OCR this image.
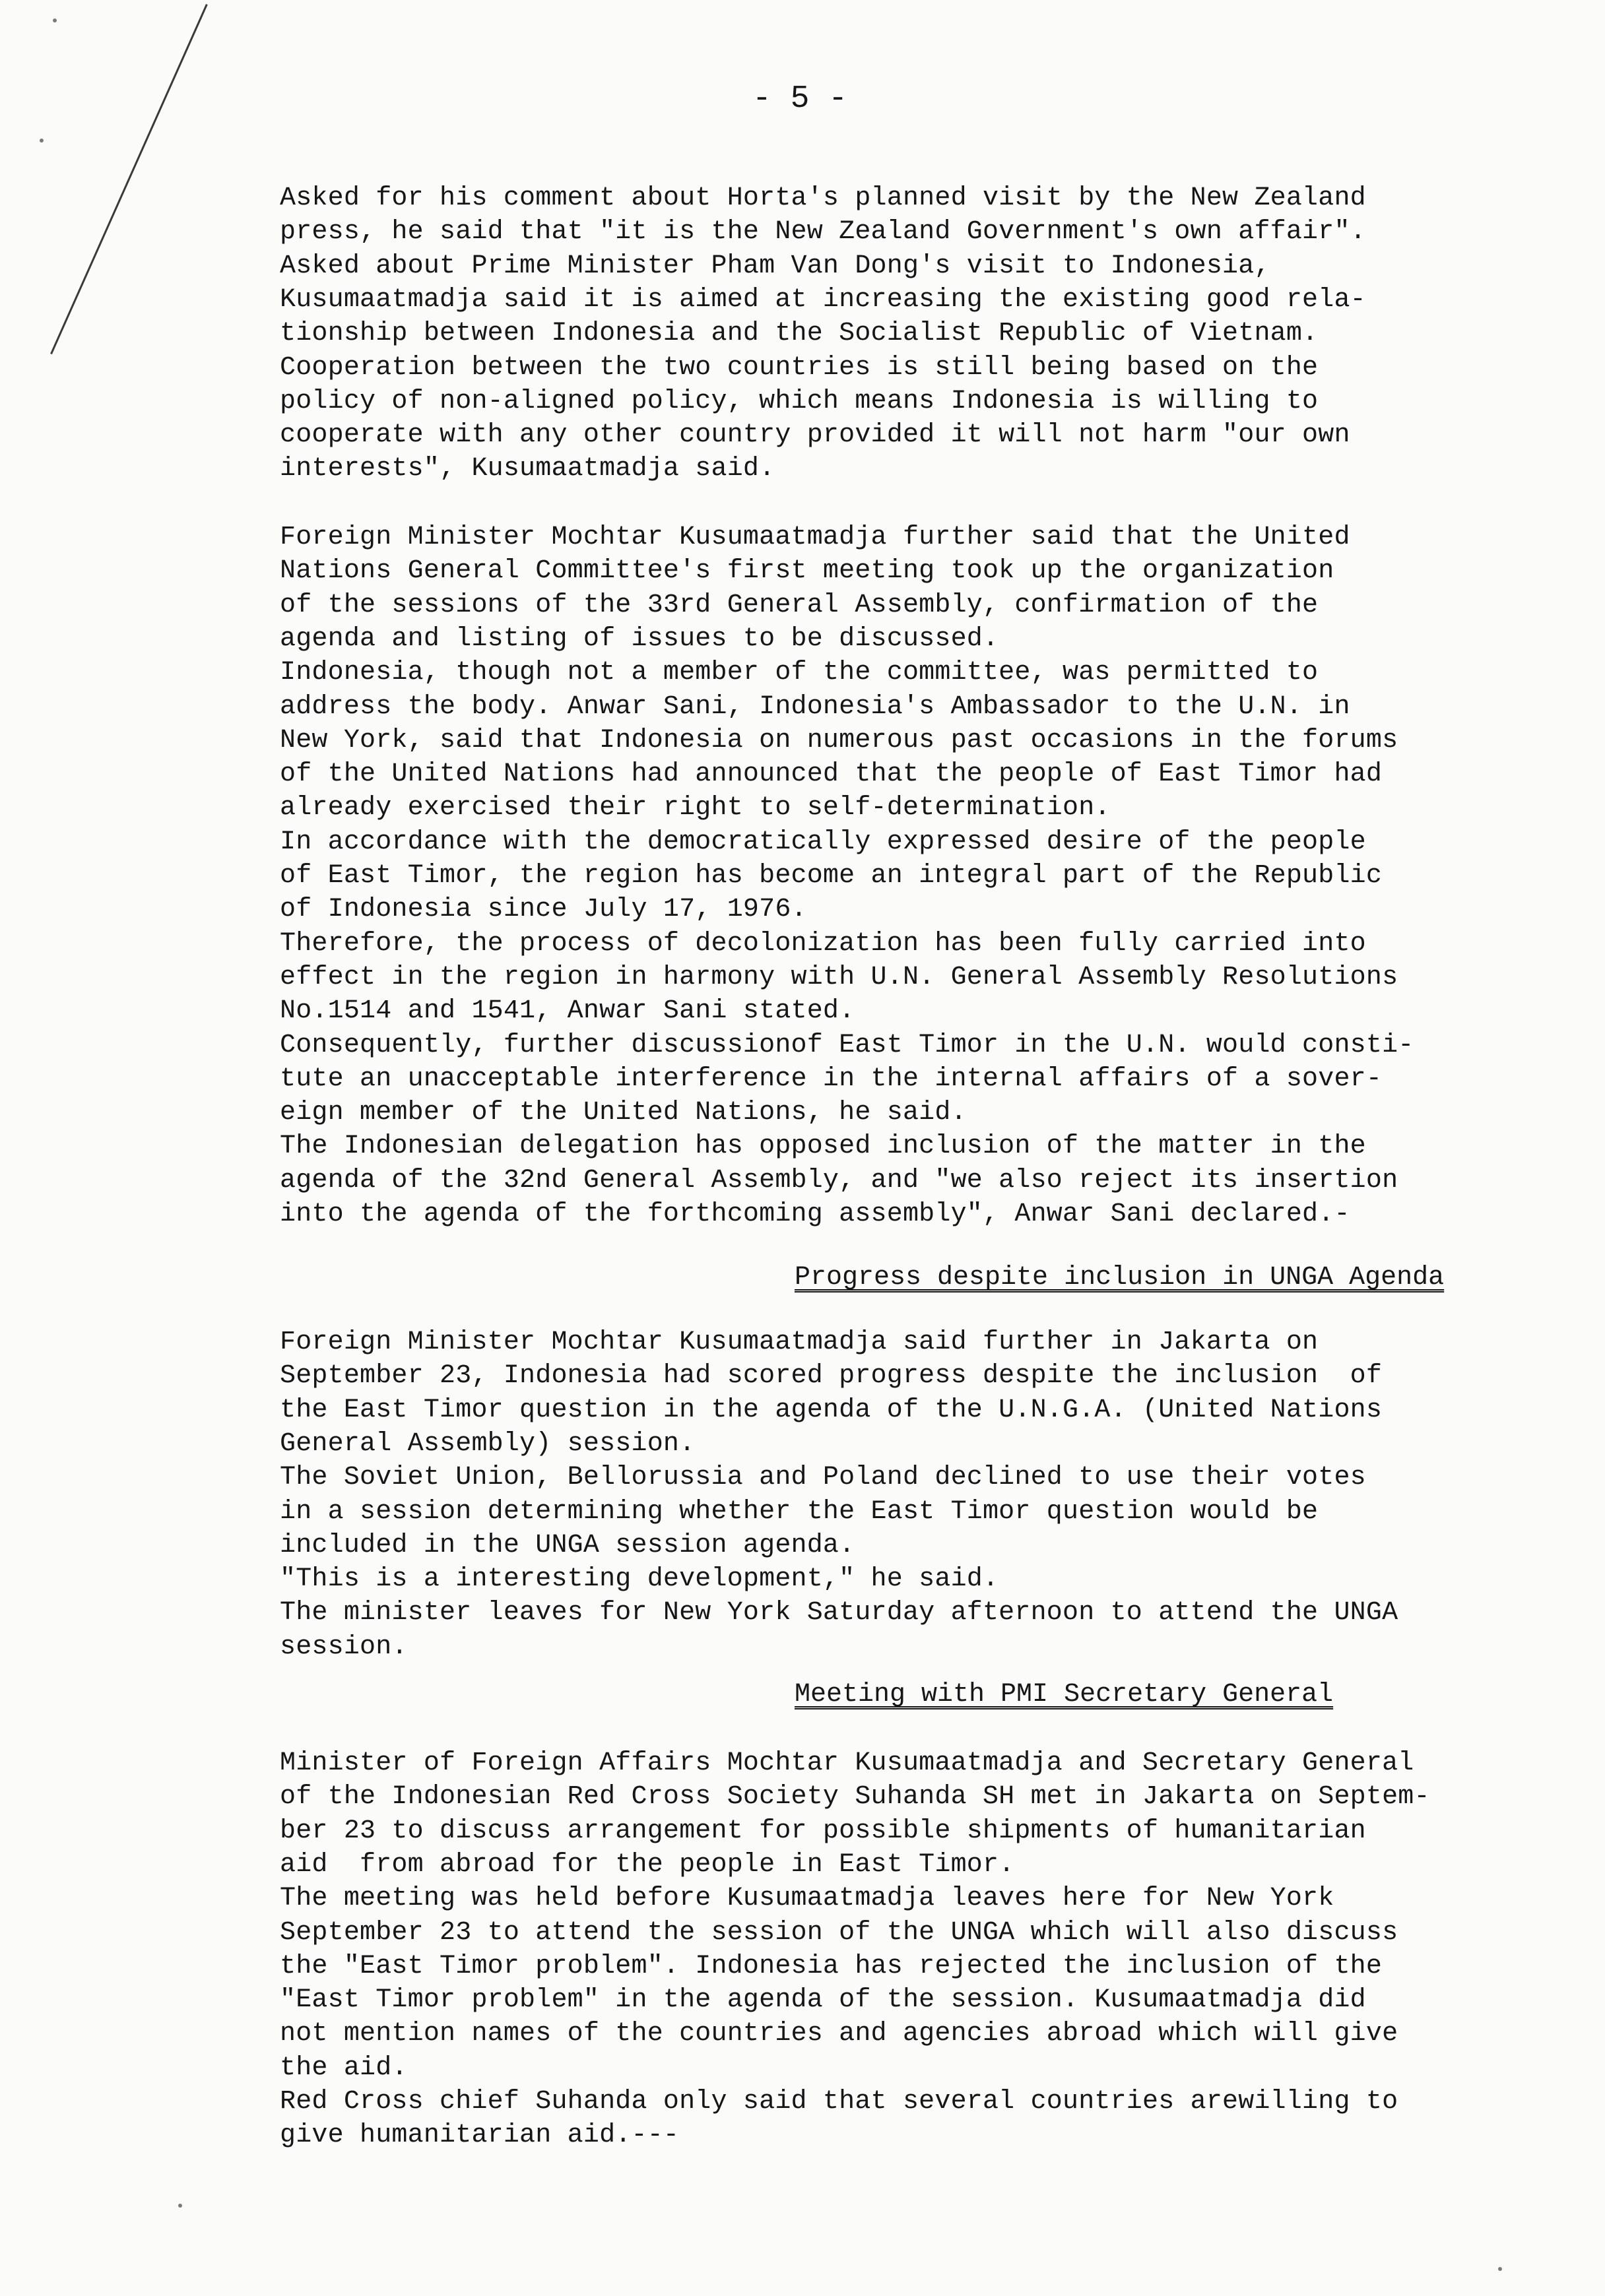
- 5 -
Asked for his comment about Horta's planned visit by the New Zealand
press, he said that "it is the New Zealand Government's own affair".
Asked about Prime Minister Pham Van Dong's visit to Indonesia,
Kusumaatmadja said it is aimed at increasing the existing good rela-
tionship between Indonesia and the Socialist Republic of Vietnam.
Cooperation between the two countries is still being based on the
policy of non-aligned policy, which means Indonesia is willing to
cooperate with any other country provided it will not harm "our own
interests", Kusumaatmadja said.
Foreign Minister Mochtar Kusumaatmadja further said that the United
Nations General Committee's first meeting took up the organization
of the sessions of the 33rd General Assembly, confirmation of the
agenda and listing of issues to be discussed.
Indonesia, though not a member of the committee, was permitted to
address the body. Anwar Sani, Indonesia's Ambassador to the U.N. in
New York, said that Indonesia on numerous past occasions in the forums
of the United Nations had announced that the people of East Timor had
already exercised their right to self-determination.
In accordance with the democratically expressed desire of the people
of East Timor, the region has become an integral part of the Republic
of Indonesia since July 17, 1976.
Therefore, the process of decolonization has been fully carried into
effect in the region in harmony with U.N. General Assembly Resolutions
No.1514 and 1541, Anwar Sani stated.
Consequently, further discussionof East Timor in the U.N. would consti-
tute an unacceptable interference in the internal affairs of a sover-
eign member of the United Nations, he said.
The Indonesian delegation has opposed inclusion of the matter in the
agenda of the 32nd General Assembly, and "we also reject its insertion
into the agenda of the forthcoming assembly", Anwar Sani declared.-
Progress despite inclusion in UNGA Agenda
Foreign Minister Mochtar Kusumaatmadja said further in Jakarta on
September 23, Indonesia had scored progress despite the inclusion  of
the East Timor question in the agenda of the U.N.G.A. (United Nations
General Assembly) session.
The Soviet Union, Bellorussia and Poland declined to use their votes
in a session determining whether the East Timor question would be
included in the UNGA session agenda.
"This is a interesting development," he said.
The minister leaves for New York Saturday afternoon to attend the UNGA
session.
Meeting with PMI Secretary General
Minister of Foreign Affairs Mochtar Kusumaatmadja and Secretary General
of the Indonesian Red Cross Society Suhanda SH met in Jakarta on Septem-
ber 23 to discuss arrangement for possible shipments of humanitarian
aid  from abroad for the people in East Timor.
The meeting was held before Kusumaatmadja leaves here for New York
September 23 to attend the session of the UNGA which will also discuss
the "East Timor problem". Indonesia has rejected the inclusion of the
"East Timor problem" in the agenda of the session. Kusumaatmadja did
not mention names of the countries and agencies abroad which will give
the aid.
Red Cross chief Suhanda only said that several countries arewilling to
give humanitarian aid.---
